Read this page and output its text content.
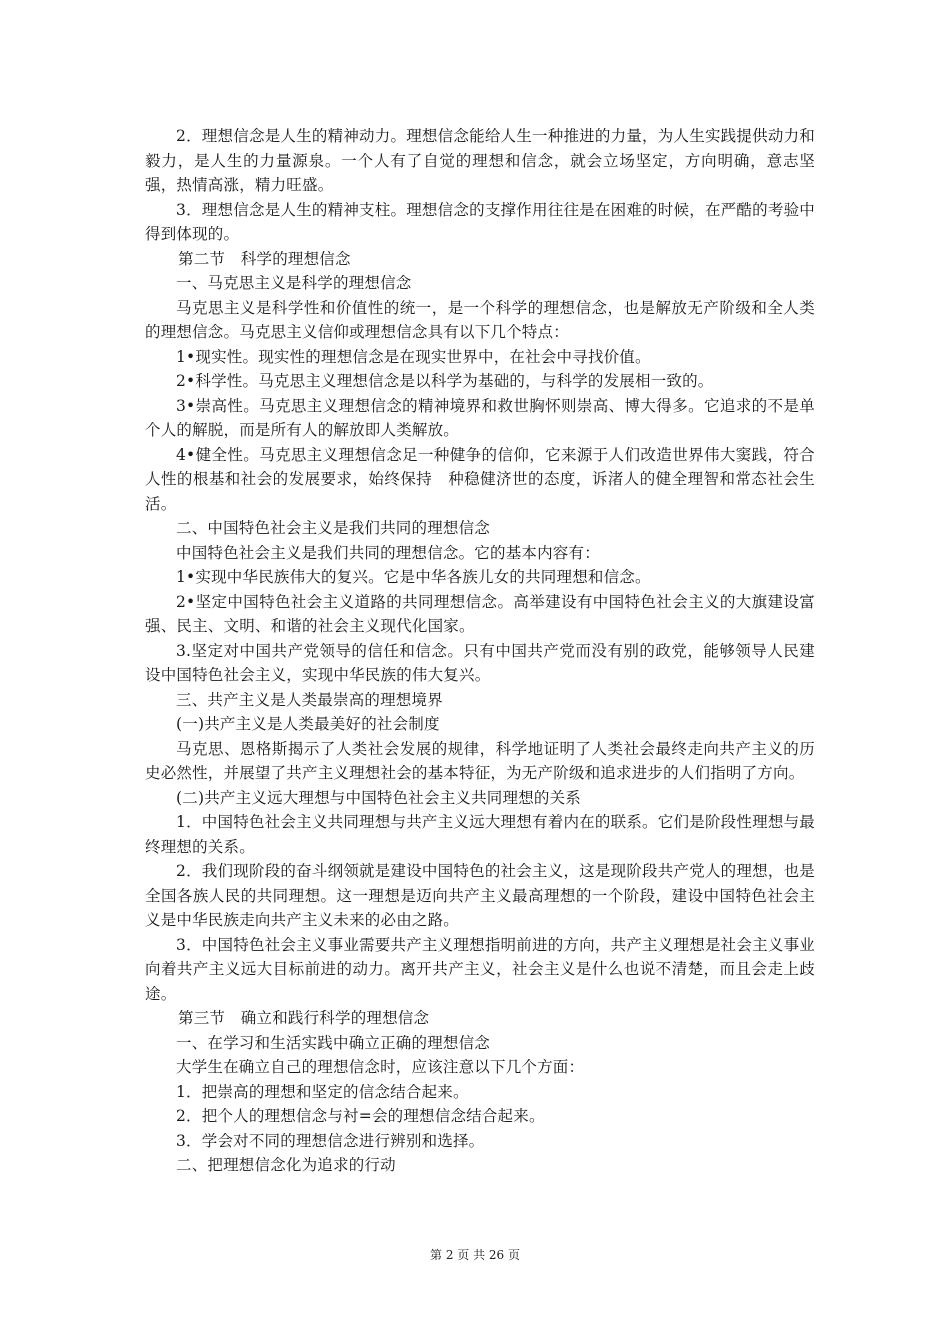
2．理想信念是人生的精神动力。理想信念能给人生一种推进的力量，为人生实践提供动力和毅力，是人生的力量源泉。一个人有了自觉的理想和信念，就会立场坚定，方向明确，意志坚强，热情高涨，精力旺盛。

3．理想信念是人生的精神支柱。理想信念的支撑作用往往是在困难的时候，在严酷的考验中得到体现的。

第二节　科学的理想信念

一、马克思主义是科学的理想信念

马克思主义是科学性和价值性的统一，是一个科学的理想信念，也是解放无产阶级和全人类的理想信念。马克思主义信仰或理想信念具有以下几个特点：

1•现实性。现实性的理想信念是在现实世界中，在社会中寻找价值。

2•科学性。马克思主义理想信念是以科学为基础的，与科学的发展相一致的。

3•崇高性。马克思主义理想信念的精神境界和救世胸怀则崇高、博大得多。它追求的不是单个人的解脱，而是所有人的解放即人类解放。

4•健全性。马克思主义理想信念足一种健争的信仰，它来源于人们改造世界伟大窦践，符合人性的根基和社会的发展要求，始终保持　种稳健济世的态度，诉渚人的健全理智和常态社会生活。

二、中国特色社会主义是我们共同的理想信念

中国特色社会主义是我们共同的理想信念。它的基本内容有：

1•实现中华民族伟大的复兴。它是中华各族儿女的共同理想和信念。

2•坚定中国特色社会主义道路的共同理想信念。高举建设有中国特色社会主义的大旗建设富强、民主、文明、和谐的社会主义现代化国家。

3.坚定对中国共产党领导的信任和信念。只有中国共产党而没有别的政党，能够领导人民建设中国特色社会主义，实现中华民族的伟大复兴。

三、共产主义是人类最崇高的理想境界

(一)共产主义是人类最美好的社会制度

马克思、恩格斯揭示了人类社会发展的规律，科学地证明了人类社会最终走向共产主义的历史必然性，并展望了共产主义理想社会的基本特征，为无产阶级和追求进步的人们指明了方向。

(二)共产主义远大理想与中国特色社会主义共同理想的关系

1．中国特色社会主义共同理想与共产主义远大理想有着内在的联系。它们是阶段性理想与最终理想的关系。

2．我们现阶段的奋斗纲领就是建设中国特色的社会主义，这是现阶段共产党人的理想，也是全国各族人民的共同理想。这一理想是迈向共产主义最高理想的一个阶段，建设中国特色社会主义是中华民族走向共产主义未来的必由之路。

3．中国特色社会主义事业需要共产主义理想指明前进的方向，共产主义理想是社会主义事业向着共产主义远大目标前进的动力。离开共产主义，社会主义是什么也说不清楚，而且会走上歧途。

第三节　确立和践行科学的理想信念

一、在学习和生活实践中确立正确的理想信念

大学生在确立自己的理想信念时，应该注意以下几个方面：

1．把崇高的理想和坚定的信念结合起来。

2．把个人的理想信念与衬=会的理想信念结合起来。

3．学会对不同的理想信念进行辨别和选择。

二、把理想信念化为追求的行动

第 2 页 共 26 页
